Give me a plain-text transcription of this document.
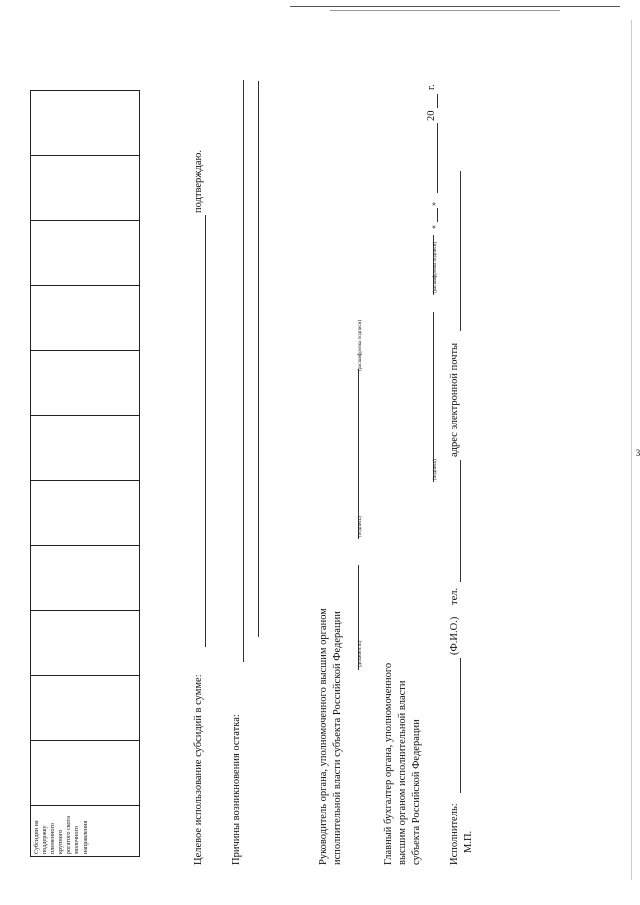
3
Субсидии на поддержку племенного крупного рогатого скота молочного направления												Целевое использование субсидий в сумме:
подтверждаю.
Причины возникновения остатка:	Руководитель органа, уполномоченного высшим органом исполнительной власти субъекта Российской Федерации	(должность)
(подпись)
(расшифровка подписи)
Главный бухгалтер органа, уполномоченного высшим органом исполнительной власти субъекта Российской Федерации
(подпись)
(расшифровка подписи)
«
»
20
г.
Исполнитель:
(Ф.И.О.)
тел.
адрес электронной почты
М.П.
